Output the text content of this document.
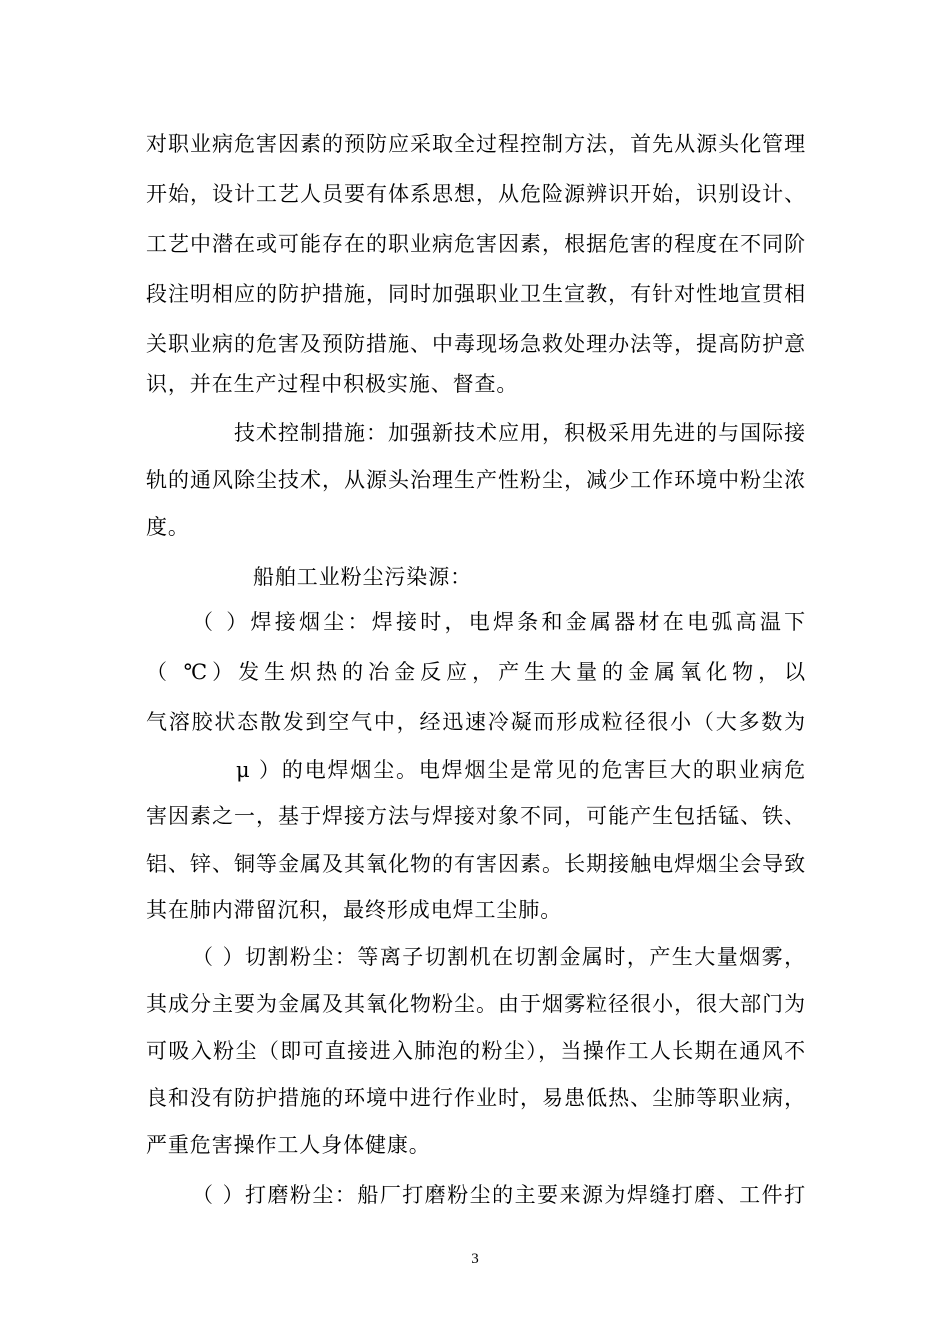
对职业病危害因素的预防应采取全过程控制方法，首先从源头化管理
开始，设计工艺人员要有体系思想，从危险源辨识开始，识别设计、
工艺中潜在或可能存在的职业病危害因素，根据危害的程度在不同阶
段注明相应的防护措施，同时加强职业卫生宣教，有针对性地宣贯相
关职业病的危害及预防措施、中毒现场急救处理办法等，提高防护意
识，并在生产过程中积极实施、督查。
技术控制措施：加强新技术应用，积极采用先进的与国际接
轨的通风除尘技术，从源头治理生产性粉尘，减少工作环境中粉尘浓
度。
船舶工业粉尘污染源：
（ ）焊接烟尘：焊接时，电焊条和金属器材在电弧高温下
（ ℃）发生炽热的冶金反应，产生大量的金属氧化物，以
气溶胶状态散发到空气中，经迅速冷凝而形成粒径很小（大多数为
μ ）的电焊烟尘。电焊烟尘是常见的危害巨大的职业病危
害因素之一，基于焊接方法与焊接对象不同，可能产生包括锰、铁、
铝、锌、铜等金属及其氧化物的有害因素。长期接触电焊烟尘会导致
其在肺内滞留沉积，最终形成电焊工尘肺。
（ ）切割粉尘：等离子切割机在切割金属时，产生大量烟雾，
其成分主要为金属及其氧化物粉尘。由于烟雾粒径很小，很大部门为
可吸入粉尘（即可直接进入肺泡的粉尘），当操作工人长期在通风不
良和没有防护措施的环境中进行作业时，易患低热、尘肺等职业病，
严重危害操作工人身体健康。
（ ）打磨粉尘：船厂打磨粉尘的主要来源为焊缝打磨、工件打
3
